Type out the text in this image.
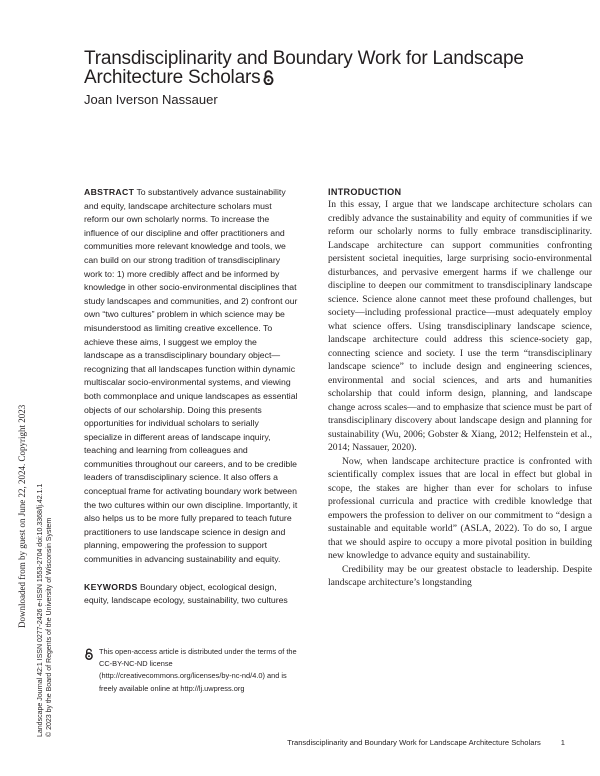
Transdisciplinarity and Boundary Work for Landscape Architecture Scholars
Joan Iverson Nassauer
ABSTRACT To substantively advance sustainability and equity, landscape architecture scholars must reform our own scholarly norms. To increase the influence of our discipline and offer practitioners and communities more relevant knowledge and tools, we can build on our strong tradition of transdisciplinary work to: 1) more credibly affect and be informed by knowledge in other socio-environmental disciplines that study landscapes and communities, and 2) confront our own “two cultures” problem in which science may be misunderstood as limiting creative excellence. To achieve these aims, I suggest we employ the landscape as a transdisciplinary boundary object—recognizing that all landscapes function within dynamic multiscalar socio-environmental systems, and viewing both commonplace and unique landscapes as essential objects of our scholarship. Doing this presents opportunities for individual scholars to serially specialize in different areas of landscape inquiry, teaching and learning from colleagues and communities throughout our careers, and to be credible leaders of transdisciplinary science. It also offers a conceptual frame for activating boundary work between the two cultures within our own discipline. Importantly, it also helps us to be more fully prepared to teach future practitioners to use landscape science in design and planning, empowering the profession to support communities in advancing sustainability and equity.
KEYWORDS Boundary object, ecological design, equity, landscape ecology, sustainability, two cultures
This open-access article is distributed under the terms of the CC-BY-NC-ND license (http://creativecommons.org/licenses/by-nc-nd/4.0) and is freely available online at http://lj.uwpress.org
INTRODUCTION

In this essay, I argue that we landscape architecture scholars can credibly advance the sustainability and equity of communities if we reform our scholarly norms to fully embrace transdisciplinarity. Landscape architecture can support communities confronting persistent societal inequities, large surprising socio-environmental disturbances, and pervasive emergent harms if we challenge our discipline to deepen our commitment to transdisciplinary landscape science. Science alone cannot meet these profound challenges, but society—including professional practice—must adequately employ what science offers. Using transdisciplinary landscape science, landscape architecture could address this science-society gap, connecting science and society. I use the term “transdisciplinary landscape science” to include design and engineering sciences, environmental and social sciences, and arts and humanities scholarship that could inform design, planning, and landscape change across scales—and to emphasize that science must be part of transdisciplinary discovery about landscape design and planning for sustainability (Wu, 2006; Gobster & Xiang, 2012; Helfenstein et al., 2014; Nassauer, 2020).

Now, when landscape architecture practice is confronted with scientifically complex issues that are local in effect but global in scope, the stakes are higher than ever for scholars to infuse professional curricula and practice with credible knowledge that empowers the profession to deliver on our commitment to “design a sustainable and equitable world” (ASLA, 2022). To do so, I argue that we should aspire to occupy a more pivotal position in building new knowledge to advance equity and sustainability.

Credibility may be our greatest obstacle to leadership. Despite landscape architecture’s longstanding

Downloaded from by guest on June 22, 2024. Copyright 2023 Landscape Journal 42:1 ISSN 0277-2426 e-ISSN 1553-2704 doi:10.3368/lj.42.1.1 © 2023 by the Board of Regents of the University of Wisconsin System
Transdisciplinarity and Boundary Work for Landscape Architecture Scholars	1
